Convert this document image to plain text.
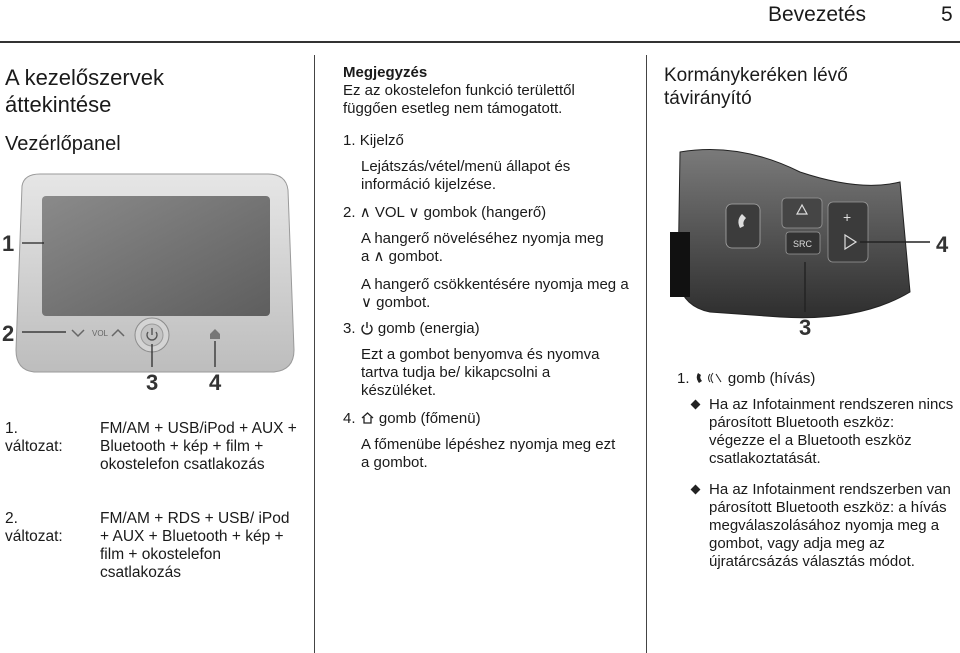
Bevezetés	5
A kezelőszervek áttekintése
Vezérlőpanel
VOL
1
2
3 4
1. változat:
FM/AM + USB/iPod + AUX + Bluetooth + kép + film + okostelefon csatlakozás
2. változat:
FM/AM + RDS + USB/ iPod + AUX + Bluetooth + kép + film + okostelefon csatlakozás
Megjegyzés
Ez az okostelefon funkció területtől függően esetleg nem támogatott.
1. Kijelző
Lejátszás/vétel/menü állapot és információ kijelzése.
2. ∧ VOL ∨ gombok (hangerő)
A hangerő növeléséhez nyomja meg a ∧ gombot.
A hangerő csökkentésére nyomja meg a ∨ gombot.
3. gomb (energia)
Ezt a gombot benyomva és nyomva tartva tudja be/ kikapcsolni a készüléket.
4. gomb (főmenü)
A főmenübe lépéshez nyomja meg ezt a gombot.
Kormánykeréken lévő távirányító
SRC
+
4
3
1.	gomb (hívás)
Ha az Infotainment rendszeren nincs párosított Bluetooth eszköz: végezze el a Bluetooth eszköz csatlakoztatását.
Ha az Infotainment rendszerben van párosított Bluetooth eszköz: a hívás megválaszolásához nyomja meg a gombot, vagy adja meg az újratárcsázás választás módot.
